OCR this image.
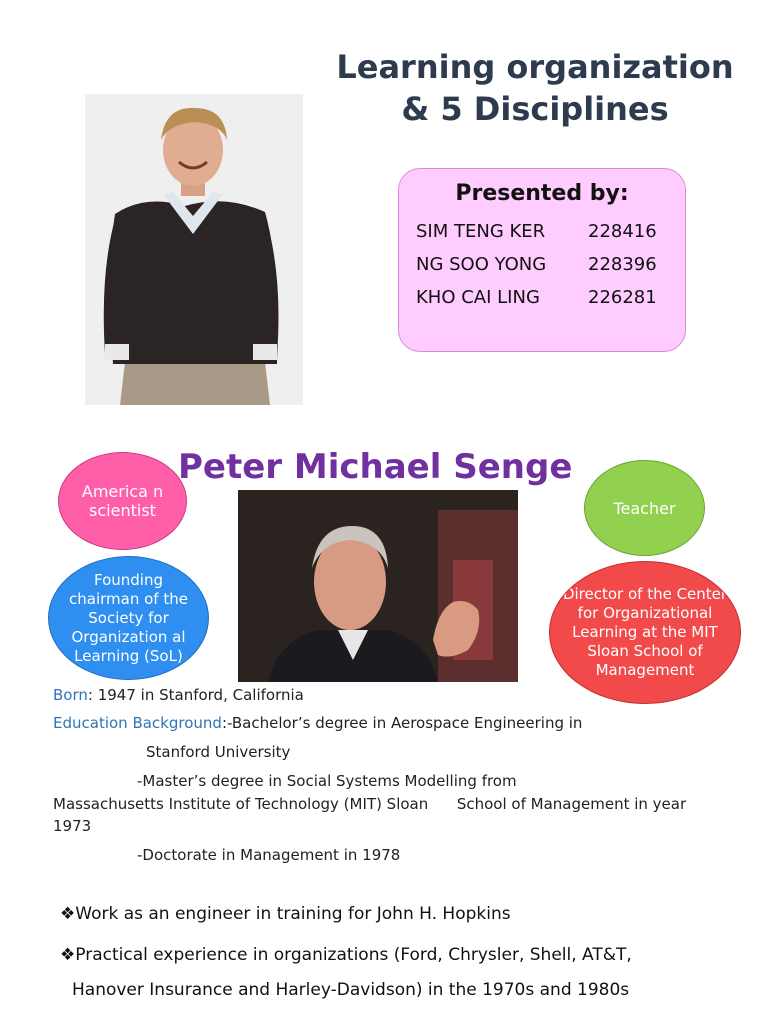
Learning organization
& 5 Disciplines
Presented by:
SIM TENG KER 228416
NG SOO YONG 228396
KHO CAI LING	226281
Peter Michael Senge
America n scientist	Teacher
Founding chairman of the Society for Organization al Learning (SoL)
Director of the Center for Organizational Learning at the MIT Sloan School of Management
Born: 1947 in Stanford, California
Education Background:-Bachelor’s degree in Aerospace Engineering in
Stanford University
-Master’s degree in Social Systems Modelling from
Massachusetts Institute of Technology (MIT) Sloan      School of Management in year
1973
-Doctorate in Management in 1978
❖Work as an engineer in training for John H. Hopkins
❖Practical experience in organizations (Ford, Chrysler, Shell, AT&T,
Hanover Insurance and Harley-Davidson) in the 1970s and 1980s
